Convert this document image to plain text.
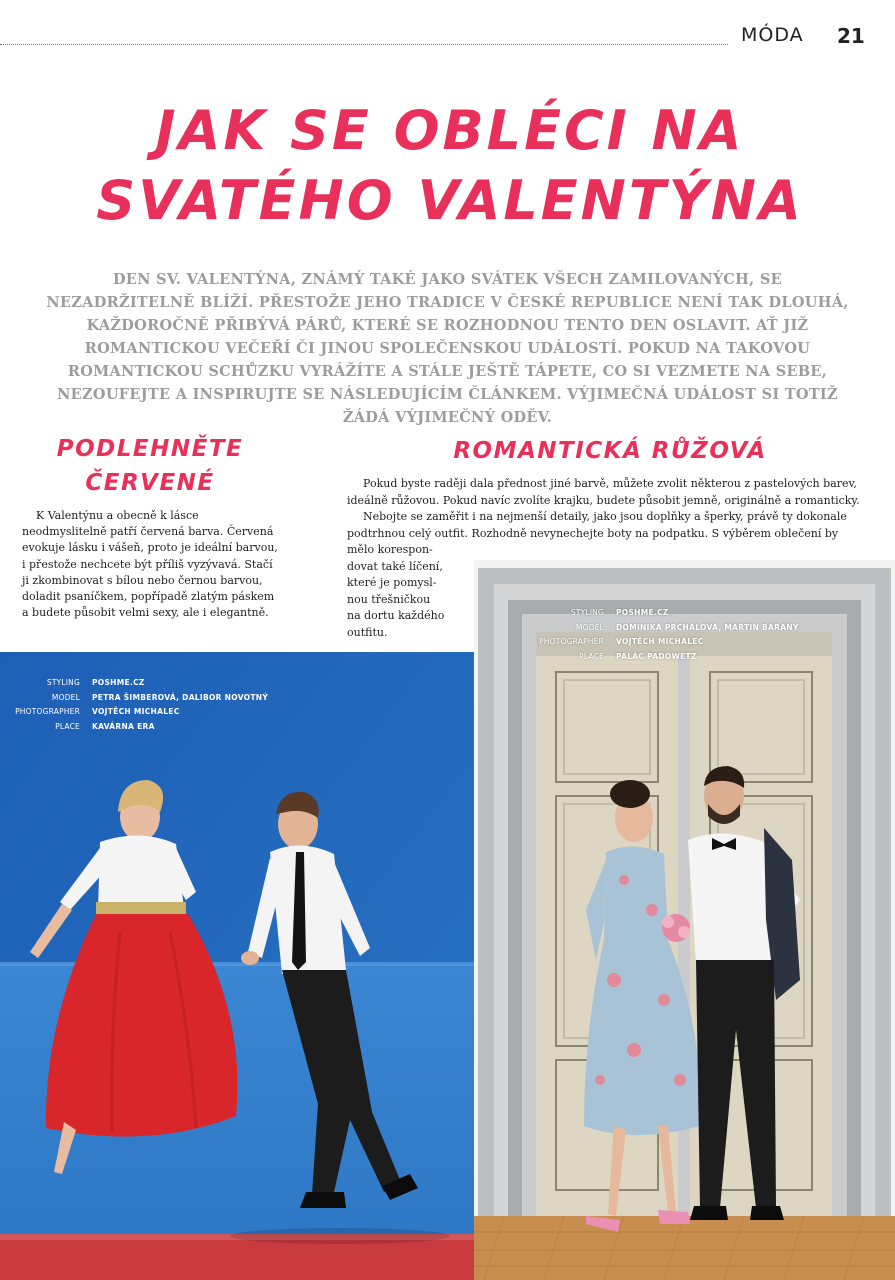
MÓDA 21
JAK SE OBLÉCI NA
SVATÉHO VALENTÝNA

DEN SV. VALENTÝNA, ZNÁMÝ TAKÉ JAKO SVÁTEK VŠECH ZAMILOVANÝCH, SE NEZADRŽITELNĚ BLÍŽÍ. PŘESTOŽE JEHO TRADICE V ČESKÉ REPUBLICE NENÍ TAK DLOUHÁ, KAŽDOROČNĚ PŘIBÝVÁ PÁRŮ, KTERÉ SE ROZHODNOU TENTO DEN OSLAVIT. AŤ JIŽ ROMANTICKOU VEČEŘÍ ČI JINOU SPOLEČENSKOU UDÁLOSTÍ. POKUD NA TAKOVOU ROMANTICKOU SCHŮZKU VYRÁŽÍTE A STÁLE JEŠTĚ TÁPETE, CO SI VEZMETE NA SEBE, NEZOUFEJTE A INSPIRUJTE SE NÁSLEDUJÍCÍM ČLÁNKEM. VÝJIMEČNÁ UDÁLOST SI TOTIŽ ŽÁDÁ VÝJIMEČNÝ ODĚV.

PODLEHNĚTE
ČERVENÉ
K Valentýnu a obecně k lásce neodmyslitelně patří červená barva. Červená evokuje lásku i vášeň, proto je ideální barvou, i přestože nechcete být příliš vyzývavá. Stačí ji zkombinovat s bílou nebo černou barvou, doladit psaníčkem, popřípadě zlatým páskem a budete působit velmi sexy, ale i elegantně.
ROMANTICKÁ RŮŽOVÁ
Pokud byste raději dala přednost jiné barvě, můžete zvolit některou z pastelových barev,
ideálně růžovou. Pokud navíc zvolíte krajku, budete působit jemně, originálně a romanticky.
Nebojte se zaměřit i na nejmenší detaily, jako jsou doplňky a šperky, právě ty dokonale
podtrhnou celý outfit. Rozhodně nevynechejte boty na podpatku. S výběrem oblečení by
mělo korespon-
dovat také líčení,
které je pomysl-
nou třešničkou
na dortu každého
outfitu.
STYLING	POSHME.CZ
MODEL	PETRA ŠIMBEROVÁ, DALIBOR NOVOTNÝ
PHOTOGRAPHER	VOJTĚCH MICHALEC
PLACE	KAVÁRNA ERA
STYLING	POSHME.CZ
MODEL	DOMINIKA PRCHALOVÁ, MARTIN BÁRANY
PHOTOGRAPHER	VOJTĚCH MICHALEC
PLACE	PALÁC PADOWETZ
